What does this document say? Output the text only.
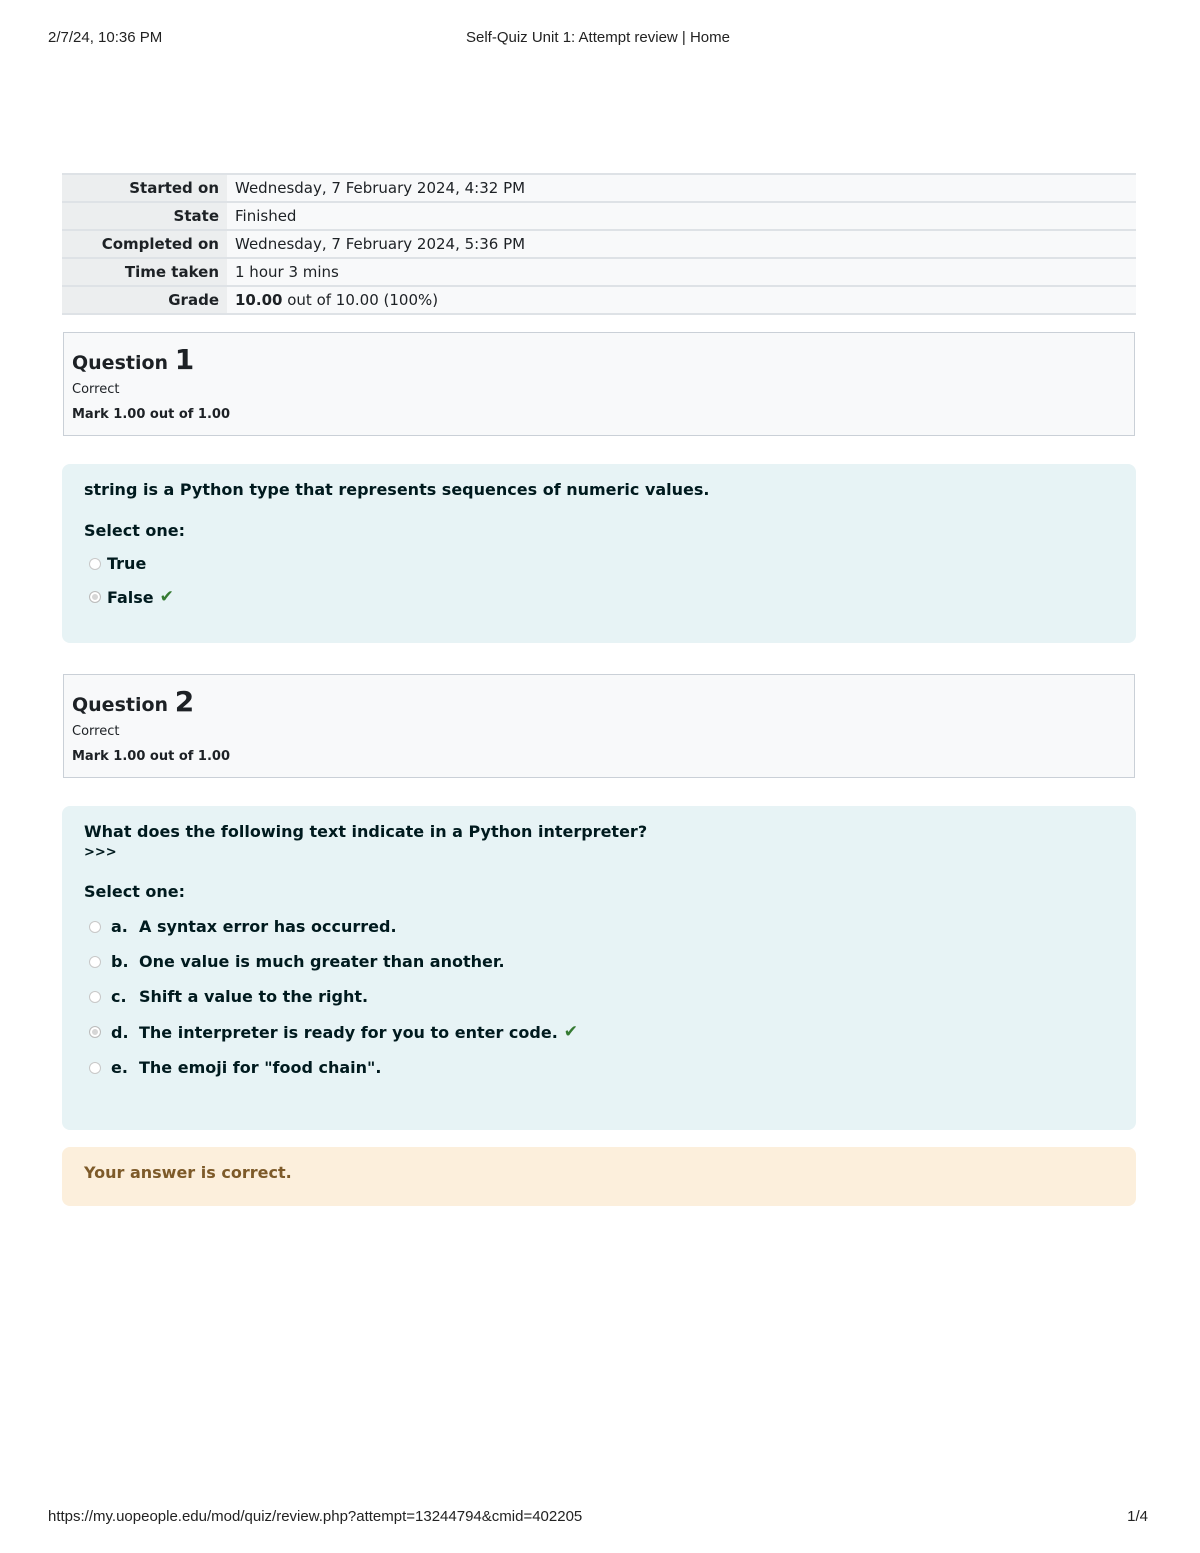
2/7/24, 10:36 PM	Self-Quiz Unit 1: Attempt review | Home
Started on	Wednesday, 7 February 2024, 4:32 PM
State	Finished
Completed on	Wednesday, 7 February 2024, 5:36 PM
Time taken	1 hour 3 mins
Grade	10.00 out of 10.00 (100%)
Question 1
Correct
Mark 1.00 out of 1.00
string is a Python type that represents sequences of numeric values.
Select one:
True
False ✔
Question 2
Correct
Mark 1.00 out of 1.00
What does the following text indicate in a Python interpreter?
>>>
Select one:
a. A syntax error has occurred.
b. One value is much greater than another.
c. Shift a value to the right.
d. The interpreter is ready for you to enter code. ✔
e. The emoji for "food chain".
Your answer is correct.
https://my.uopeople.edu/mod/quiz/review.php?attempt=13244794&cmid=402205	1/4
